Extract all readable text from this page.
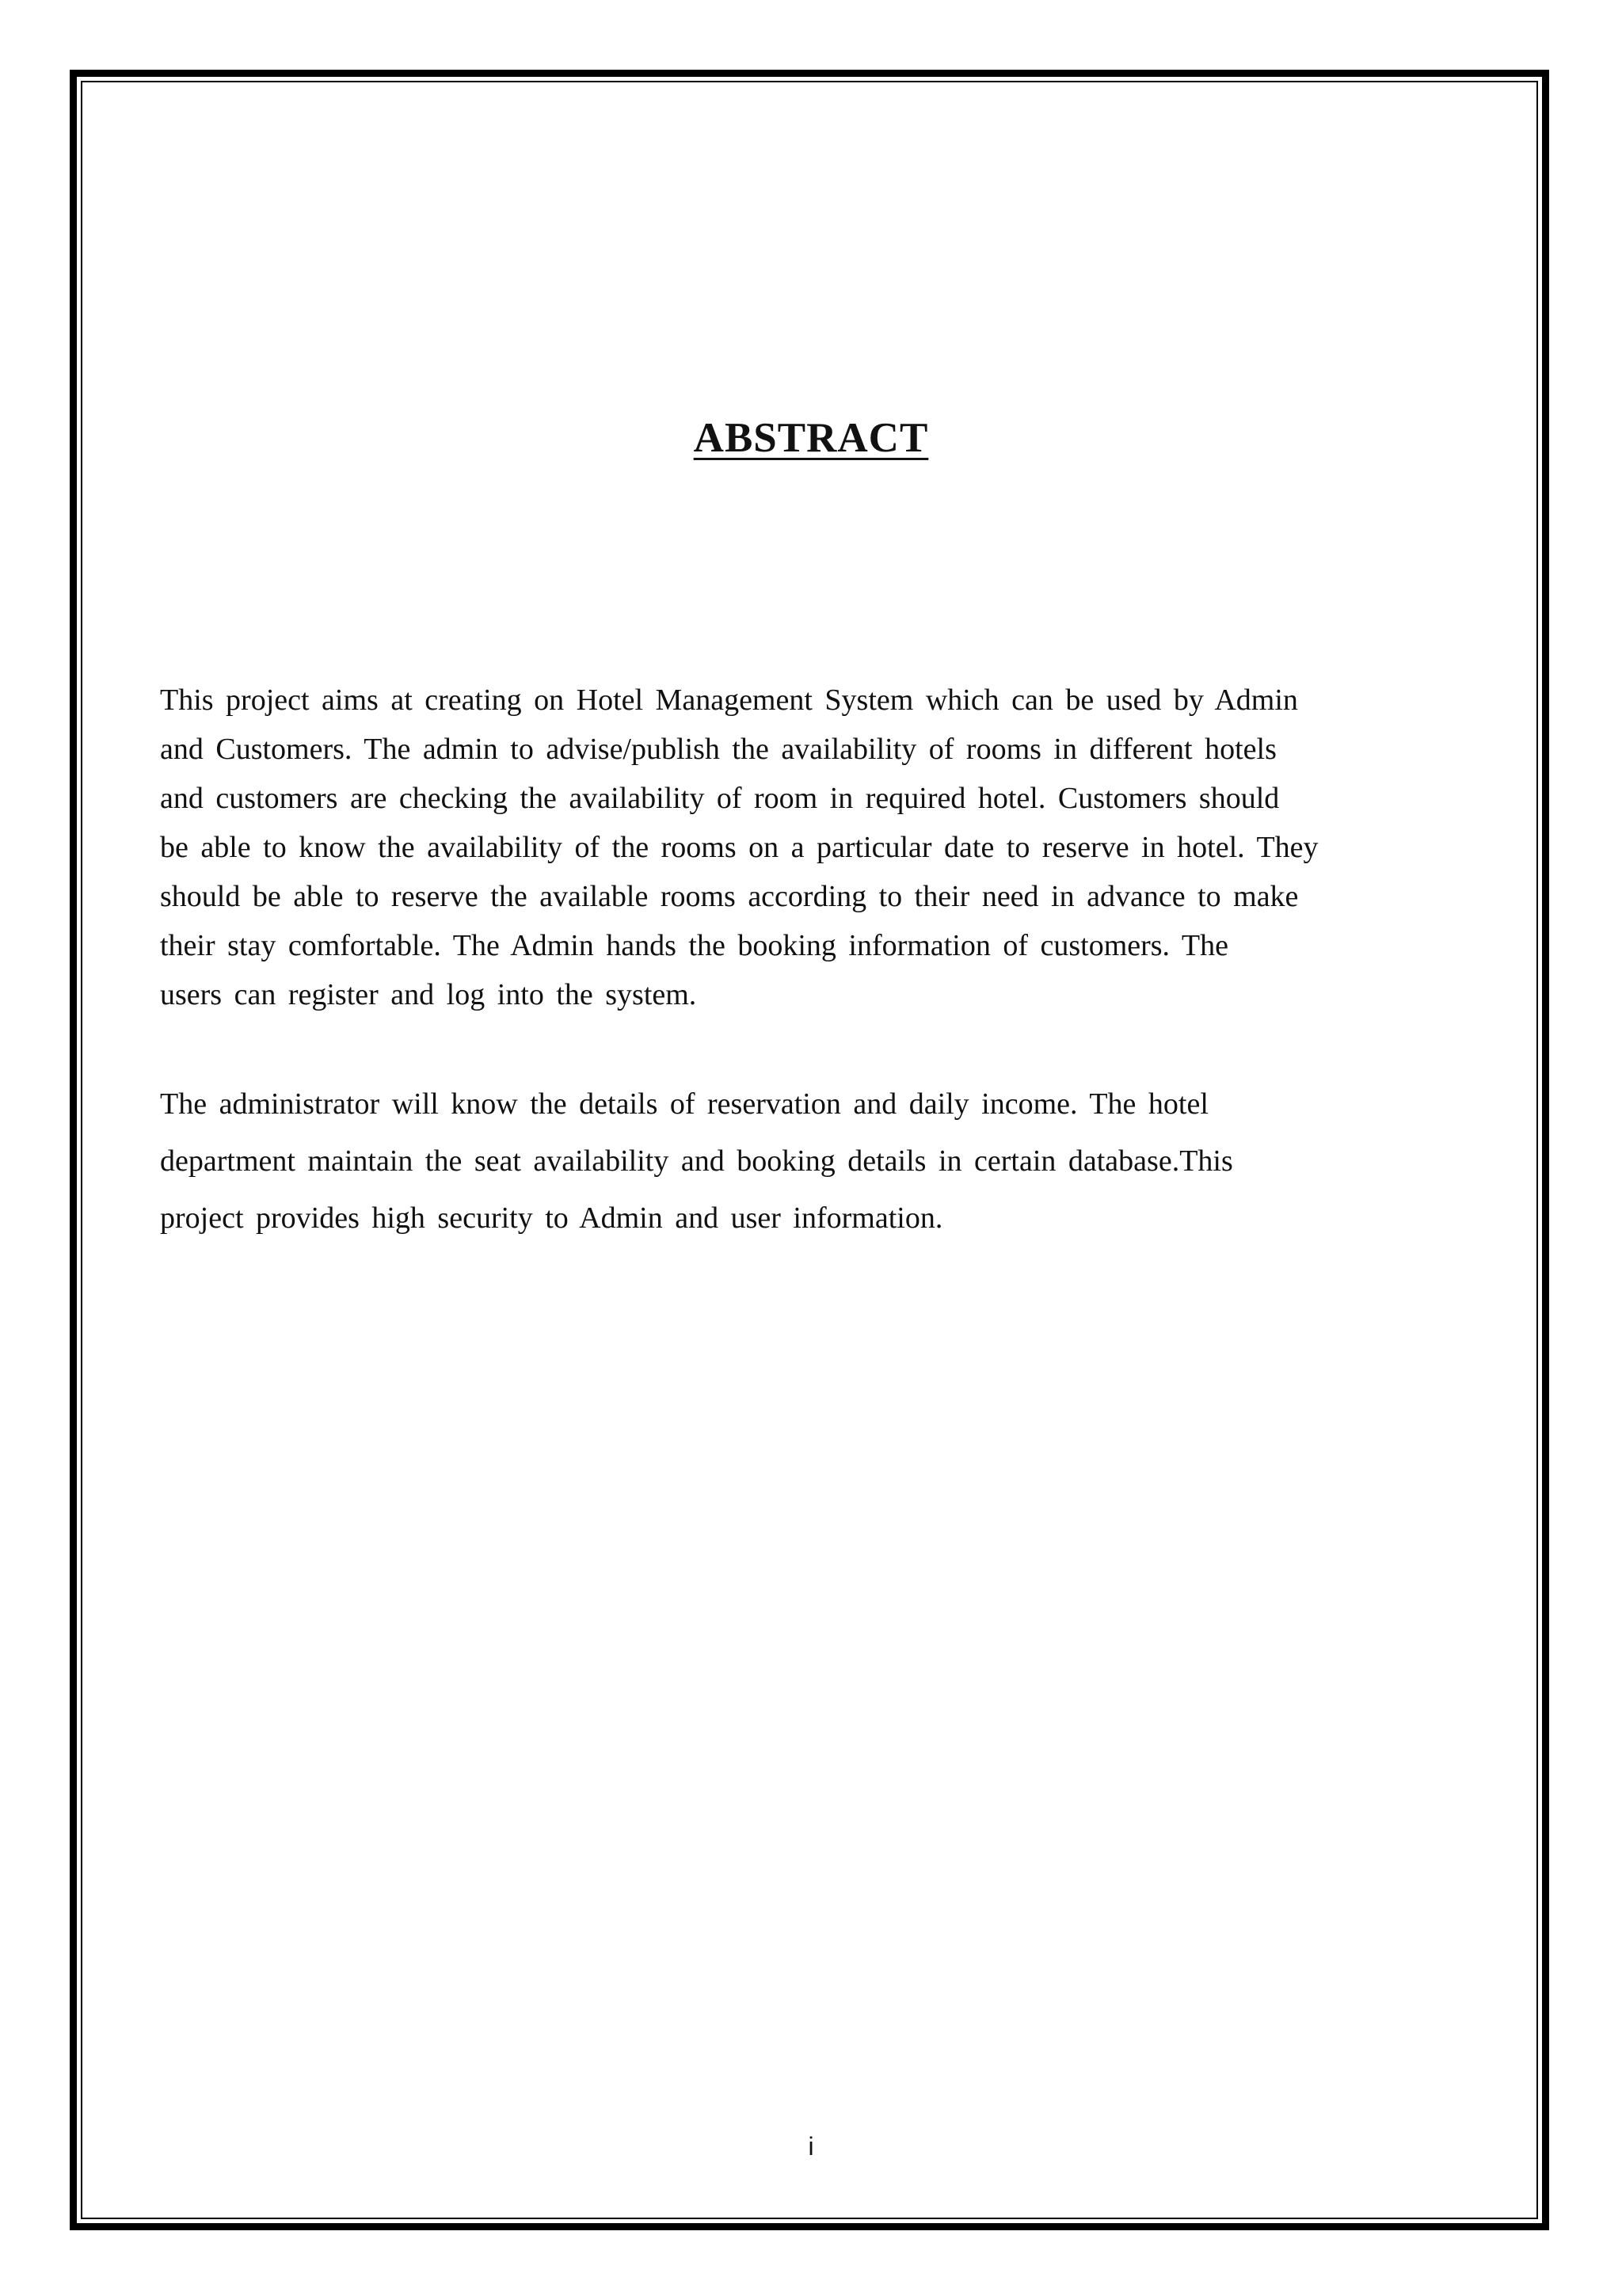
ABSTRACT

This project aims at creating on Hotel Management System which can be used by Admin
and Customers. The admin to advise/publish the availability of rooms in different hotels
and customers are checking the availability of room in required hotel. Customers should
be able to know the availability of the rooms on a particular date to reserve in hotel. They
should be able to reserve the available rooms according to their need in advance to make
their stay comfortable. The Admin hands the booking information of customers. The
users can register and log into the system.

The administrator will know the details of reservation and daily income. The hotel
department maintain the seat availability and booking details in certain database.This
project provides high security to Admin and user information.

i
